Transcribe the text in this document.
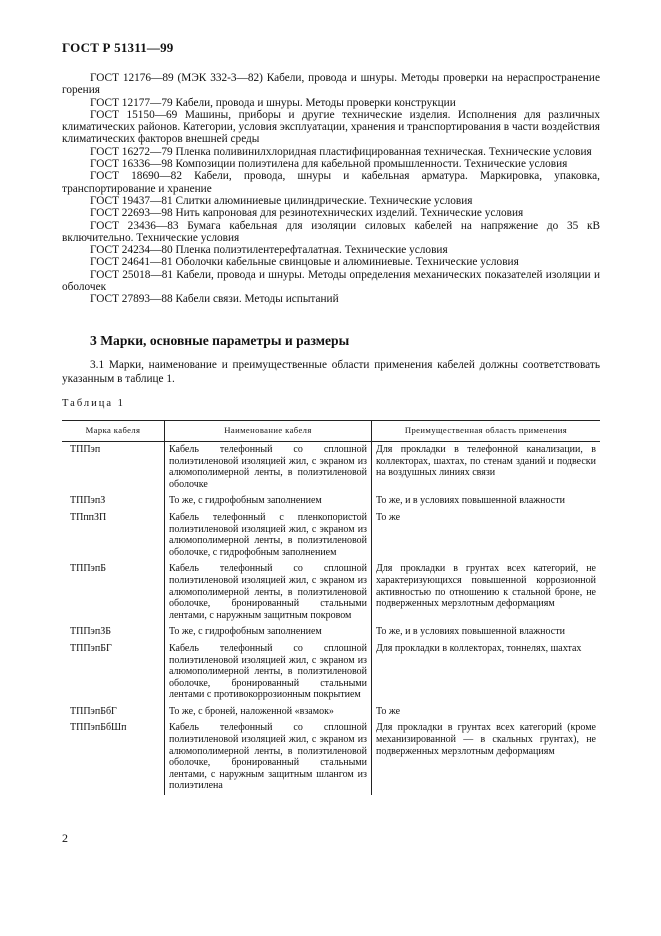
ГОСТ Р 51311—99

ГОСТ 12176—89 (МЭК 332-3—82) Кабели, провода и шнуры. Методы проверки на нераспространение горения

ГОСТ 12177—79 Кабели, провода и шнуры. Методы проверки конструкции

ГОСТ 15150—69 Машины, приборы и другие технические изделия. Исполнения для различных климатических районов. Категории, условия эксплуатации, хранения и транспортирования в части воздействия климатических факторов внешней среды

ГОСТ 16272—79 Пленка поливинилхлоридная пластифицированная техническая. Технические условия

ГОСТ 16336—98 Композиции полиэтилена для кабельной промышленности. Технические условия

ГОСТ 18690—82 Кабели, провода, шнуры и кабельная арматура. Маркировка, упаковка, транспортирование и хранение

ГОСТ 19437—81 Слитки алюминиевые цилиндрические. Технические условия

ГОСТ 22693—98 Нить капроновая для резинотехнических изделий. Технические условия

ГОСТ 23436—83 Бумага кабельная для изоляции силовых кабелей на напряжение до 35 кВ включительно. Технические условия

ГОСТ 24234—80 Пленка полиэтилентерефталатная. Технические условия

ГОСТ 24641—81 Оболочки кабельные свинцовые и алюминиевые. Технические условия

ГОСТ 25018—81 Кабели, провода и шнуры. Методы определения механических показателей изоляции и оболочек

ГОСТ 27893—88 Кабели связи. Методы испытаний

3 Марки, основные параметры и размеры

3.1 Марки, наименование и преимущественные области применения кабелей должны соответствовать указанным в таблице 1.

Таблица 1
Марка кабеля	Наименование кабеля	Преимущественная область применения
ТППэп	Кабель телефонный со сплошной полиэтиленовой изоляцией жил, с экраном из алюмополимерной ленты, в полиэтиленовой оболочке	Для прокладки в телефонной канализации, в коллекторах, шахтах, по стенам зданий и подвески на воздушных линиях связи
ТППэпЗ	То же, с гидрофобным заполнением	То же, и в условиях повышенной влажности
ТПппЗП	Кабель телефонный с пленкопористой полиэтиленовой изоляцией жил, с экраном из алюмополимерной ленты, в полиэтиленовой оболочке, с гидрофобным заполнением	То же
ТППэпБ	Кабель телефонный со сплошной полиэтиленовой изоляцией жил, с экраном из алюмополимерной ленты, в полиэтиленовой оболочке, бронированный стальными лентами, с наружным защитным покровом	Для прокладки в грунтах всех категорий, не характеризующихся повышенной коррозионной активностью по отношению к стальной броне, не подверженных мерзлотным деформациям
ТППэпЗБ	То же, с гидрофобным заполнением	То же, и в условиях повышенной влажности
ТППэпБГ	Кабель телефонный со сплошной полиэтиленовой изоляцией жил, с экраном из алюмополимерной ленты, в полиэтиленовой оболочке, бронированный стальными лентами с противокоррозионным покрытием	Для прокладки в коллекторах, тоннелях, шахтах
ТППэпБбГ	То же, с броней, наложенной «взамок»	То же
ТППэпБбШп	Кабель телефонный со сплошной полиэтиленовой изоляцией жил, с экраном из алюмополимерной ленты, в полиэтиленовой оболочке, бронированный стальными лентами, с наружным защитным шлангом из полиэтилена	Для прокладки в грунтах всех категорий (кроме механизированной — в скальных грунтах), не подверженных мерзлотным деформациям
2
